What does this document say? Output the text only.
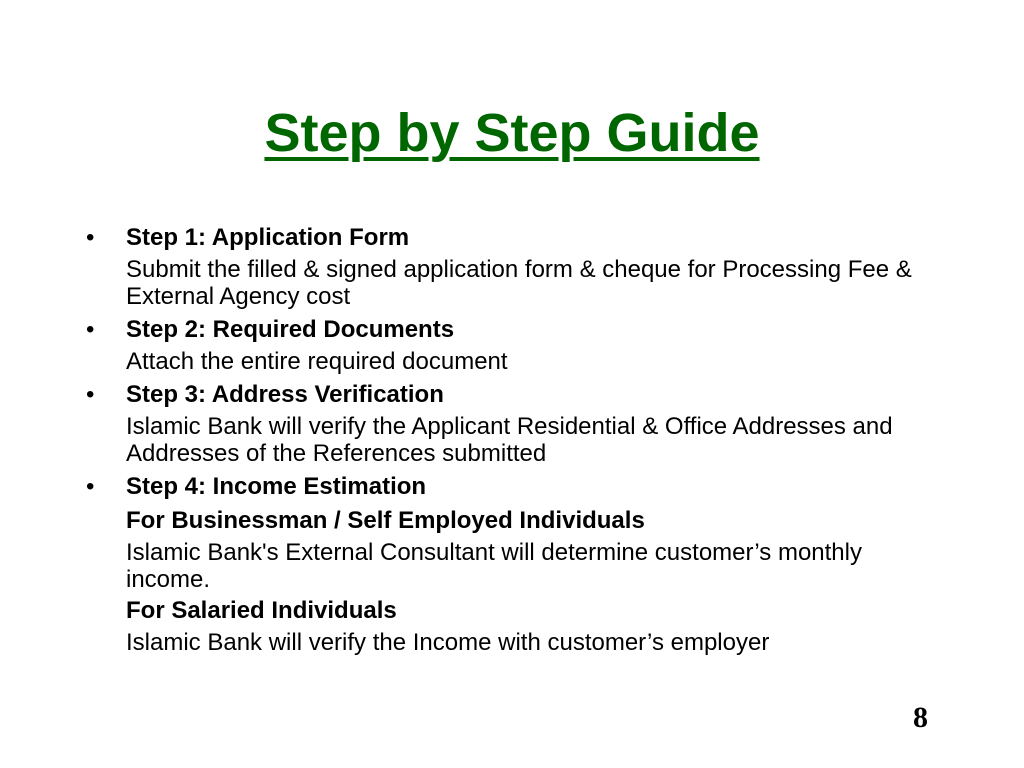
Step by Step Guide
• Step 1: Application Form
Submit the filled & signed application form & cheque for Processing Fee & External Agency cost
• Step 2: Required Documents
Attach the entire required document
• Step 3: Address Verification
Islamic Bank will verify the Applicant Residential & Office Addresses and Addresses of the References submitted
• Step 4: Income Estimation
For Businessman / Self Employed Individuals
Islamic Bank's External Consultant will determine customer’s monthly income.
For Salaried Individuals
Islamic Bank will verify the Income with customer’s employer
8
